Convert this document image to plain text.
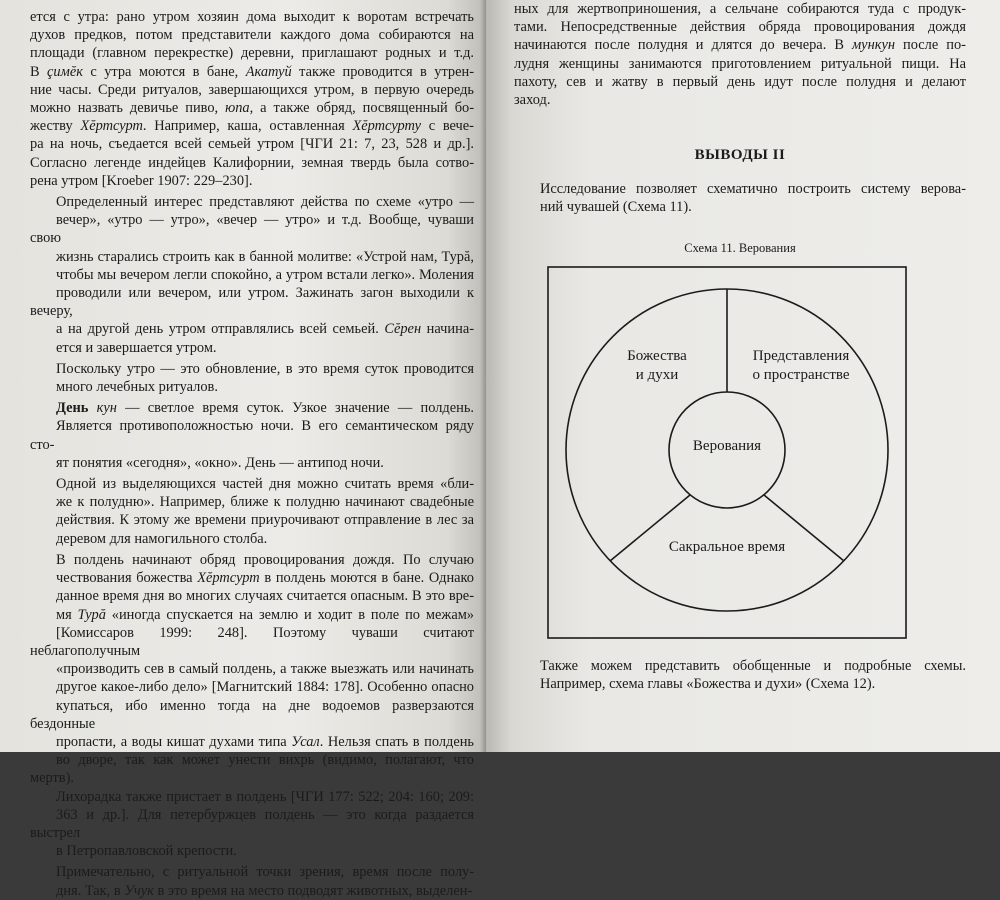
ется с утра: рано утром хозяин дома выходит к воротам встречать
духов предков, потом представители каждого дома собираются на
площади (главном перекрестке) деревни, приглашают родных и т.д.
В çимĕк с утра моются в бане, Акатуй также проводится в утрен-
ние часы. Среди ритуалов, завершающихся утром, в первую очередь
можно назвать девичье пиво, юпа, а также обряд, посвященный бо-
жеству Хĕртсурт. Например, каша, оставленная Хĕртсурту с вече-
ра на ночь, съедается всей семьей утром [ЧГИ 21: 7, 23, 528 и др.].
Согласно легенде индейцев Калифорнии, земная твердь была сотво-
рена утром [Kroeber 1907: 229–230].
Определенный интерес представляют действа по схеме «утро —
вечер», «утро — утро», «вечер — утро» и т.д. Вообще, чуваши свою
жизнь старались строить как в банной молитве: «Устрой нам, Турă,
чтобы мы вечером легли спокойно, а утром встали легко». Моления
проводили или вечером, или утром. Зажинать загон выходили к вечеру,
а на другой день утром отправлялись всей семьей. Сĕрен начина-
ется и завершается утром.
Поскольку утро — это обновление, в это время суток проводится
много лечебных ритуалов.
День кун — светлое время суток. Узкое значение — полдень.
Является противоположностью ночи. В его семантическом ряду сто-
ят понятия «сегодня», «окно». День — антипод ночи.
Одной из выделяющихся частей дня можно считать время «бли-
же к полудню». Например, ближе к полудню начинают свадебные
действия. К этому же времени приурочивают отправление в лес за
деревом для намогильного столба.
В полдень начинают обряд провоцирования дождя. По случаю
чествования божества Хĕртсурт в полдень моются в бане. Однако
данное время дня во многих случаях считается опасным. В это вре-
мя Турă «иногда спускается на землю и ходит в поле по межам»
[Комиссаров 1999: 248]. Поэтому чуваши считают неблагополучным
«производить сев в самый полдень, а также выезжать или начинать
другое какое-либо дело» [Магнитский 1884: 178]. Особенно опасно
купаться, ибо именно тогда на дне водоемов разверзаются бездонные
пропасти, а воды кишат духами типа Усал. Нельзя спать в полдень
во дворе, так как может унести вихрь (видимо, полагают, что мертв).
Лихорадка также пристает в полдень [ЧГИ 177: 522; 204: 160; 209:
363 и др.]. Для петербуржцев полдень — это когда раздается выстрел
в Петропавловской крепости.
Примечательно, с ритуальной точки зрения, время после полу-
дня. Так, в Учук в это время на место подводят животных, выделен-
ных для жертвоприношения, а сельчане собираются туда с продук-
тами. Непосредственные действия обряда провоцирования дождя
начинаются после полудня и длятся до вечера. В мункун после по-
лудня женщины занимаются приготовлением ритуальной пищи. На
пахоту, сев и жатву в первый день идут после полудня и делают
заход.
ВЫВОДЫ II
Исследование позволяет схематично построить систему верова-
ний чувашей (Схема 11).
Схема 11. Верования
Божества
и духи
Представления
о пространстве
Верования
Сакральное время
Также можем представить обобщенные и подробные схемы.
Например, схема главы «Божества и духи» (Схема 12).
